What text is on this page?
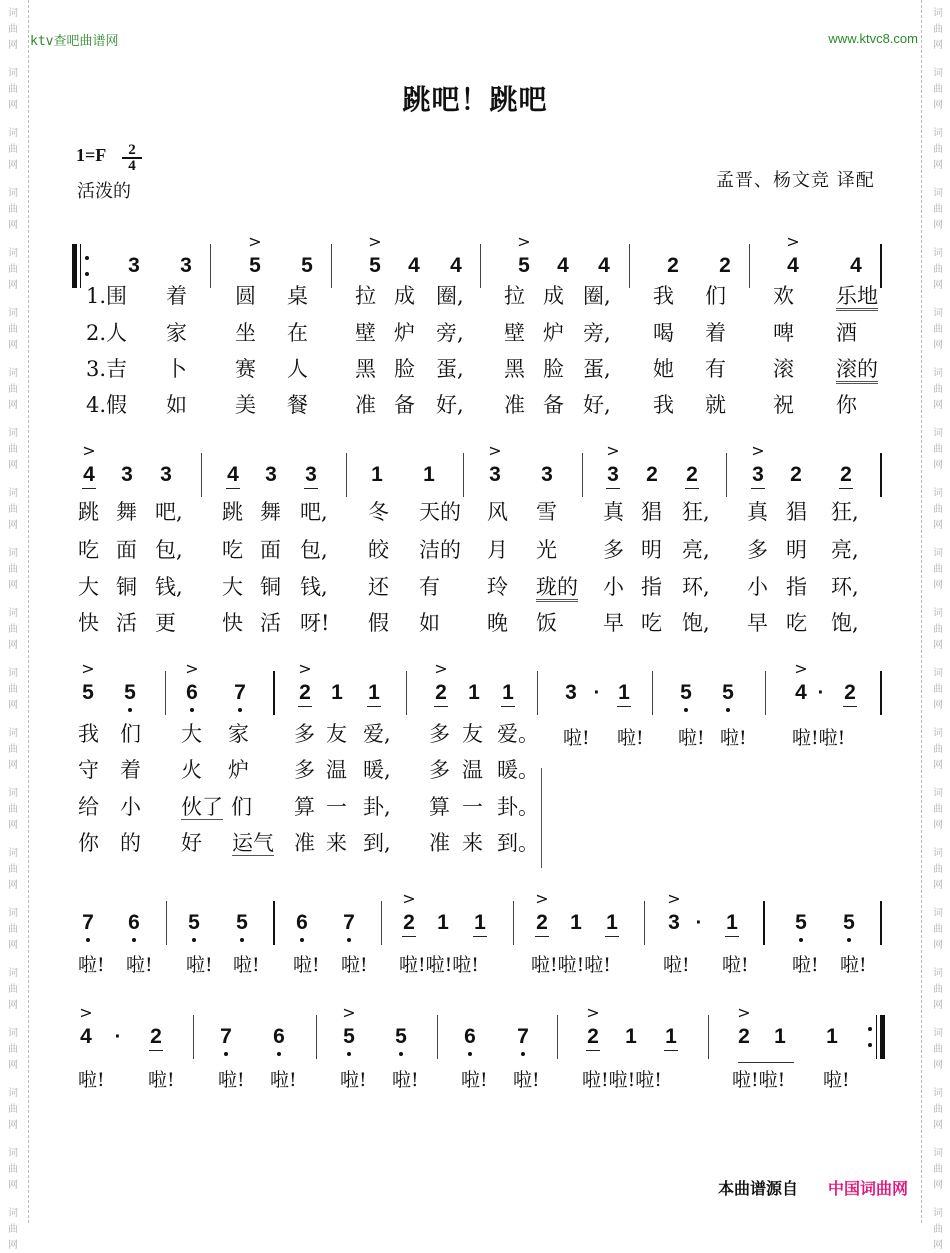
词
曲
网
词
曲
网
词
曲
网
词
曲
网
词
曲
网
词
曲
网
词
曲
网
词
曲
网
词
曲
网
词
曲
网
词
曲
网
词
曲
网
词
曲
网
词
曲
网
词
曲
网
词
曲
网
词
曲
网
词
曲
网
词
曲
网
词
曲
网
词
曲
网
词
曲
网
词
曲
网
词
曲
网
词
曲
网
词
曲
网
词
曲
网
词
曲
网
词
曲
网
词
曲
网
词
曲
网
词
曲
网
词
曲
网
词
曲
网
词
曲
网
词
曲
网
词
曲
网
词
曲
网
词
曲
网
词
曲
网
词
曲
网
词
曲
网
ktv查吧曲谱网	www.ktvc8.com
跳吧！跳吧
$1=F \frac{2}{4}$
活泼的
孟晋、杨文竞 译配
3 3	5
>
5	5
>
4 4	5
>
4 4	2 2	4
>
4
1.围 着 圆 桌 拉 成 圈, 拉 成 圈, 我 们 欢 乐地
2.人 家 坐 在 壁 炉 旁, 壁 炉 旁, 喝 着 啤 酒
3.吉 卜 赛 人 黑 脸 蛋, 黑 脸 蛋, 她 有 滚 滚的
4.假 如 美 餐 准 备 好, 准 备 好, 我 就 祝 你
4
>
3 3	4 3 3	1 1	3
>
3	3
>
2 2	3
>
2 2
跳 舞 吧, 跳 舞 吧, 冬 天的 风 雪 真 猖 狂, 真 猖 狂,
吃 面 包, 吃 面 包, 皎 洁的 月 光 多 明 亮, 多 明 亮,
大 铜 钱, 大 铜 钱, 还 有 玲 珑的 小 指 环, 小 指 环,
快 活 更 快 活 呀! 假 如 晚 饭 早 吃 饱, 早 吃 饱,
5
>
5 6
>
7	2
>
1 1	2
>
1 1 3 1 5 5	4
>
2
·	·
我 们 大 家 多 友 爱, 多 友 爱。
守 着 火 炉 多 温 暖, 多 温 暖。
给 小 伙了 们 算 一 卦, 算 一 卦。
你 的 好 运气 准 来 到, 准 来 到。
啦! 啦! 啦! 啦! 啦!啦!
7 6 5 5 6 7 2
>
1 1 2
>
1 1 3
>
1	5 5
·
啦! 啦! 啦! 啦! 啦! 啦! 啦!啦!啦!	啦!啦!啦!	啦! 啦! 啦! 啦!
4
>
2	7 6	5
>
5	6 7	2
>
1 1	2
>
1 1
·
啦! 啦! 啦! 啦! 啦! 啦! 啦! 啦! 啦!啦!啦!	啦!啦! 啦!
本曲谱源自 中国词曲网
